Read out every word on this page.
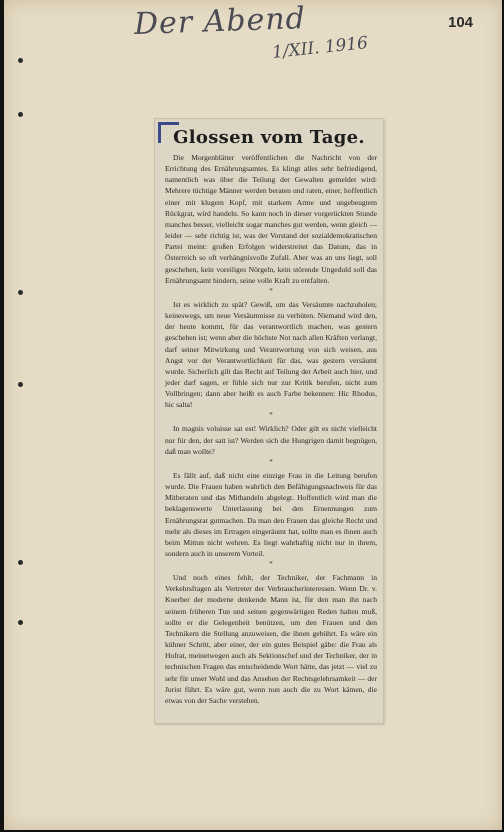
Der Abend
1/XII. 1916
104
Glossen vom Tage.

Die Morgenblätter veröffentlichen die Nachricht von der Errichtung des Ernährungsamtes. Es klingt alles sehr befriedigend, namentlich was über die Teilung der Gewalten gemeldet wird: Mehrere tüchtige Männer werden beraten und raten, einer, hoffentlich einer mit klugem Kopf, mit starkem Arme und ungebeugtem Rückgrat, wird handeln. So kann noch in dieser vorgerückten Stunde manches besser, vielleicht sogar manches gut werden, wenn gleich — leider — sehr richtig ist, was der Vorstand der sozialdemokratischen Partei meint: großen Erfolgen widerstreitet das Datum, das in Österreich so oft verhängnisvolle Zufall. Aber was an uns liegt, soll geschehen, kein voreiliges Nörgeln, kein störende Ungeduld soll das Ernährungsamt hindern, seine volle Kraft zu entfalten.

*

Ist es wirklich zu spät? Gewiß, um das Versäumte nachzuholen; keineswegs, um neue Versäumnisse zu verhüten. Niemand wird den, der heute kommt, für das verantwortlich machen, was gestern geschehen ist; wenn aber die höchste Not nach allen Kräften verlangt, darf seiner Mitwirkung und Verantwortung von sich weisen, aus Angst vor der Verantwortlichkeit für das, was gestern versäumt wurde. Sicherlich gilt das Recht auf Teilung der Arbeit auch hier, und jeder darf sagen, er fühle sich nur zur Kritik berufen, nicht zum Vollbringen; dann aber heißt es auch Farbe bekennen: Hic Rhodus, hic salta!

*

In magnis voluisse sat est! Wirklich? Oder gilt es nicht vielleicht nur für den, der satt ist? Werden sich die Hungrigen damit begnügen, daß man wollte?

*

Es fällt auf, daß nicht eine einzige Frau in die Leitung berufen wurde. Die Frauen haben wahrlich den Befähigungsnachweis für das Mitberaten und das Mithandeln abgelegt. Hoffentlich wird man die beklagenswerte Unterlassung bei den Ernennungen zum Ernährungsrat gutmachen. Da man den Frauen das gleiche Recht und mehr als dieses im Ertragen eingeräumt hat, sollte man es ihnen auch beim Mittun nicht wehren. Es liegt wahrhaftig nicht nur in ihrem, sondern auch in unserem Vorteil.

*

Und noch eines fehlt, der Techniker, der Fachmann in Verkehrsfragen als Vertreter der Verbraucherinteressen. Wenn Dr. v. Koerber der moderne denkende Mann ist, für den man ihn nach seinem früheren Tun und seinen gegenwärtigen Reden halten muß, sollte er die Gelegenheit benützen, um den Frauen und den Technikern die Stellung anzuweisen, die ihnen gebührt. Es wäre ein kühner Schritt, aber einer, der ein gutes Beispiel gäbe: die Frau als Hofrat, meinetwegen auch als Sektionschef und der Techniker, der in technischen Fragen das entscheidende Wort hätte, das jetzt — viel zu sehr für unser Wohl und das Ansehen der Rechtsgelehrsamkeit — der Jurist führt. Es wäre gut, wenn nun auch die zu Wort kämen, die etwas von der Sache verstehen.
